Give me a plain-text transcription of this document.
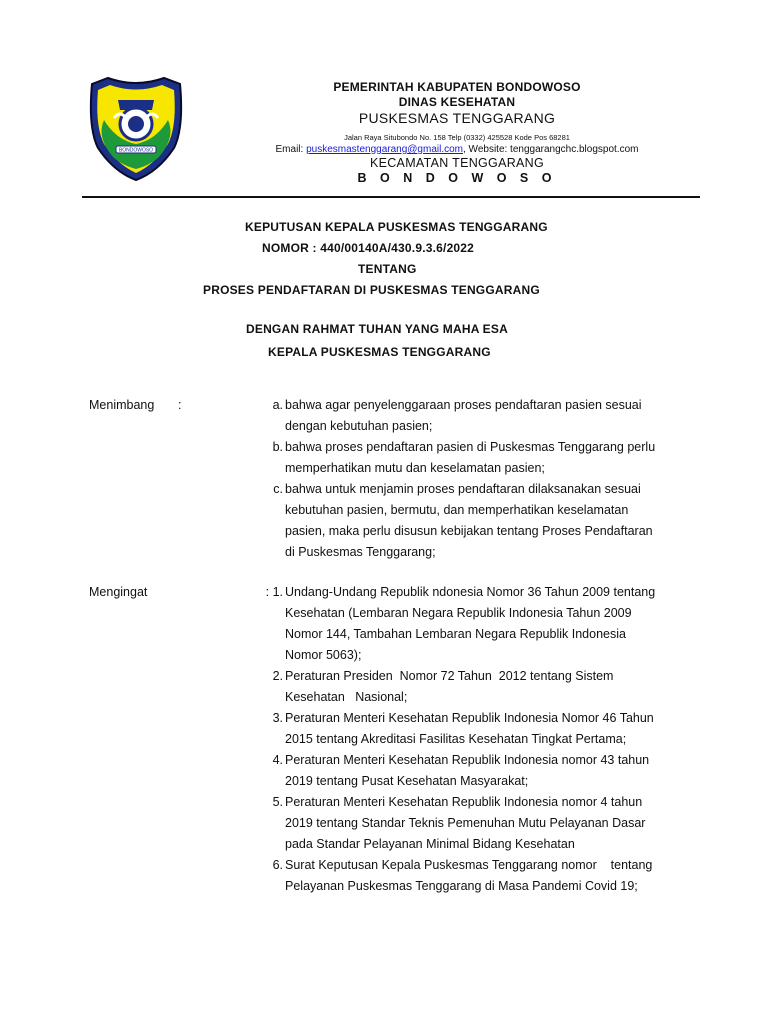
BONDOWOSO
PEMERINTAH KABUPATEN BONDOWOSO
DINAS KESEHATAN
PUSKESMAS TENGGARANG
Jalan Raya Situbondo No. 158 Telp (0332) 425528 Kode Pos 68281
Email: puskesmastenggarang@gmail.com, Website: tenggarangchc.blogspot.com
KECAMATAN TENGGARANG
B O N D O W O S O
KEPUTUSAN KEPALA PUSKESMAS TENGGARANG
NOMOR : 440/00140A/430.9.3.6/2022
TENTANG
PROSES PENDAFTARAN DI PUSKESMAS TENGGARANG
DENGAN RAHMAT TUHAN YANG MAHA ESA
KEPALA PUSKESMAS TENGGARANG
Menimbang :	a. bahwa agar penyelenggaraan proses pendaftaran pasien sesuai
dengan kebutuhan pasien;
b. bahwa proses pendaftaran pasien di Puskesmas Tenggarang perlu
memperhatikan mutu dan keselamatan pasien;
c. bahwa untuk menjamin proses pendaftaran dilaksanakan sesuai
kebutuhan pasien, bermutu, dan memperhatikan keselamatan
pasien, maka perlu disusun kebijakan tentang Proses Pendaftaran
di Puskesmas Tenggarang;
Mengingat	: 1. Undang-Undang Republik ndonesia Nomor 36 Tahun 2009 tentang
Kesehatan (Lembaran Negara Republik Indonesia Tahun 2009
Nomor 144, Tambahan Lembaran Negara Republik Indonesia
Nomor 5063);
2. Peraturan Presiden  Nomor 72 Tahun  2012 tentang Sistem
Kesehatan   Nasional;
3. Peraturan Menteri Kesehatan Republik Indonesia Nomor 46 Tahun
2015 tentang Akreditasi Fasilitas Kesehatan Tingkat Pertama;
4. Peraturan Menteri Kesehatan Republik Indonesia nomor 43 tahun
2019 tentang Pusat Kesehatan Masyarakat;
5. Peraturan Menteri Kesehatan Republik Indonesia nomor 4 tahun
2019 tentang Standar Teknis Pemenuhan Mutu Pelayanan Dasar
pada Standar Pelayanan Minimal Bidang Kesehatan
6. Surat Keputusan Kepala Puskesmas Tenggarang nomor    tentang
Pelayanan Puskesmas Tenggarang di Masa Pandemi Covid 19;
